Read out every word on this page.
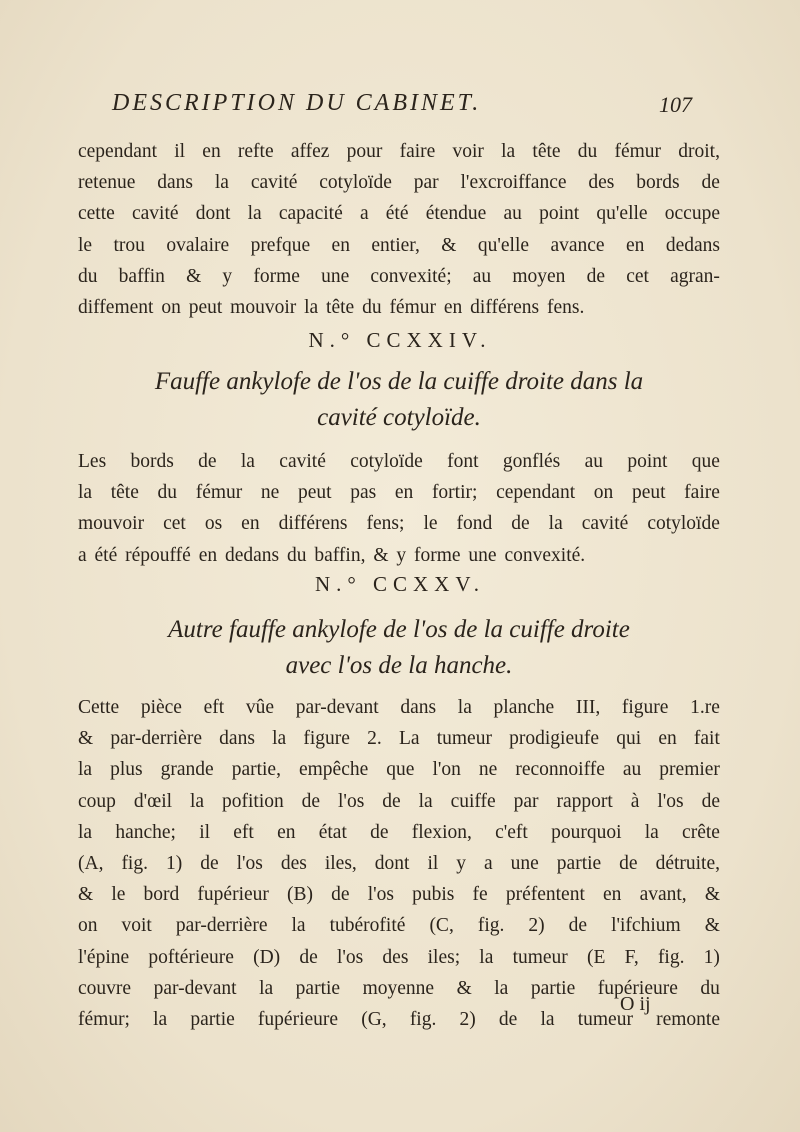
DESCRIPTION DU CABINET.	107
cependant il en refte affez pour faire voir la tête du fémur droit,
retenue dans la cavité cotyloïde par l'excroiffance des bords de
cette cavité dont la capacité a été étendue au point qu'elle occupe
le trou ovalaire prefque en entier, & qu'elle avance en dedans
du baffin & y forme une convexité; au moyen de cet agran-
diffement on peut mouvoir la tête du fémur en différens fens.
N.° CCXXIV.
Fauffe ankylofe de l'os de la cuiffe droite dans la
cavité cotyloïde.
Les bords de la cavité cotyloïde font gonflés au point que
la tête du fémur ne peut pas en fortir; cependant on peut faire
mouvoir cet os en différens fens; le fond de la cavité cotyloïde
a été répouffé en dedans du baffin, & y forme une convexité.
N.° CCXXV.
Autre fauffe ankylofe de l'os de la cuiffe droite
avec l'os de la hanche.
Cette pièce eft vûe par-devant dans la planche III, figure 1.re
& par-derrière dans la figure 2. La tumeur prodigieufe qui en fait
la plus grande partie, empêche que l'on ne reconnoiffe au premier
coup d'œil la pofition de l'os de la cuiffe par rapport à l'os de
la hanche; il eft en état de flexion, c'eft pourquoi la crête
(A, fig. 1) de l'os des iles, dont il y a une partie de détruite,
& le bord fupérieur (B) de l'os pubis fe préfentent en avant, &
on voit par-derrière la tubérofité (C, fig. 2) de l'ifchium &
l'épine poftérieure (D) de l'os des iles; la tumeur (E F, fig. 1)
couvre par-devant la partie moyenne & la partie fupérieure du
fémur; la partie fupérieure (G, fig. 2) de la tumeur remonte
O ij
